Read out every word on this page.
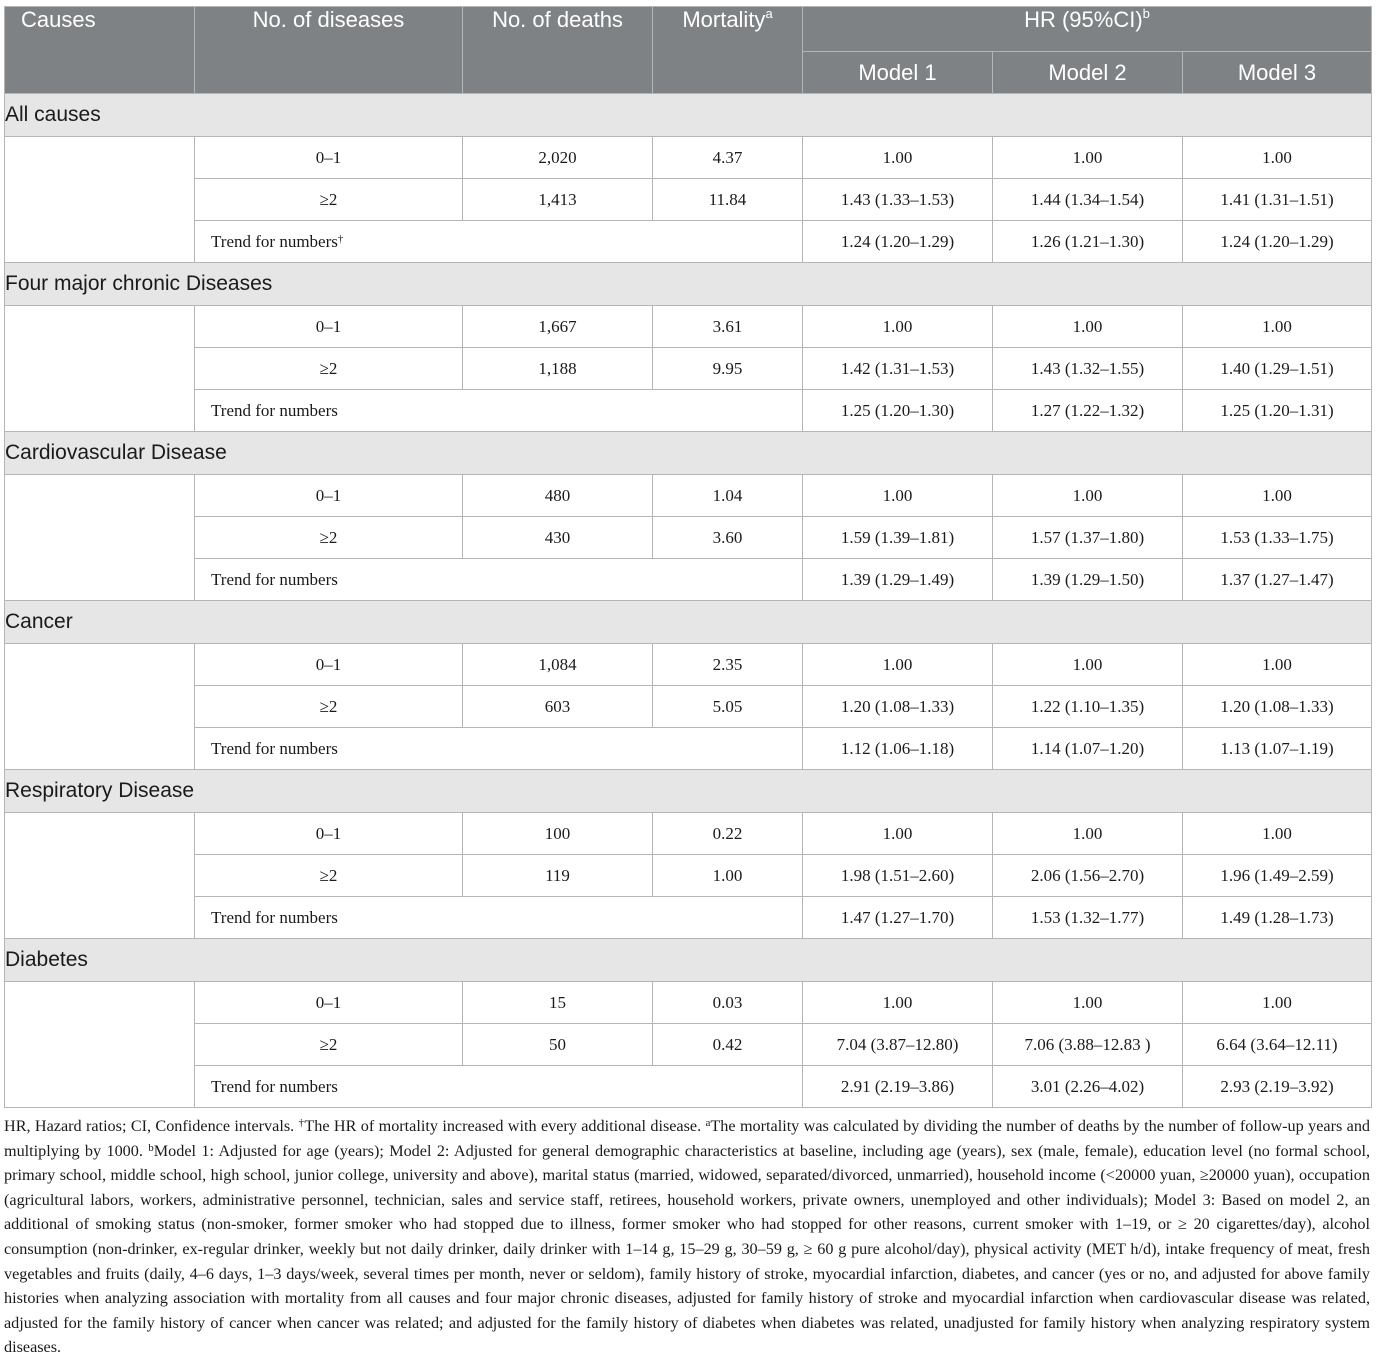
Causes	No. of diseases	No. of deaths	Mortality$^a$	HR $(95\%CI)^b$
				Model 1	Model 2	Model 3
All causes						
	0–1	2,020	4.37	1.00	1.00	1.00
	≥2	1,413	11.84	1.43 (1.33–1.53)	1.44 (1.34–1.54)	1.41 (1.31–1.51)
	Trend for numbers†			1.24 (1.20–1.29)	1.26 (1.21–1.30)	1.24 (1.20–1.29)
Four major chronic Diseases						
	0–1	1,667	3.61	1.00	1.00	1.00
	≥2	1,188	9.95	1.42 (1.31–1.53)	1.43 (1.32–1.55)	1.40 (1.29–1.51)
	Trend for numbers			1.25 (1.20–1.30)	1.27 (1.22–1.32)	1.25 (1.20–1.31)
Cardiovascular Disease						
	0–1	480	1.04	1.00	1.00	1.00
	≥2	430	3.60	1.59 (1.39–1.81)	1.57 (1.37–1.80)	1.53 (1.33–1.75)
	Trend for numbers			1.39 (1.29–1.49)	1.39 (1.29–1.50)	1.37 (1.27–1.47)
Cancer						
	0–1	1,084	2.35	1.00	1.00	1.00
	≥2	603	5.05	1.20 (1.08–1.33)	1.22 (1.10–1.35)	1.20 (1.08–1.33)
	Trend for numbers			1.12 (1.06–1.18)	1.14 (1.07–1.20)	1.13 (1.07–1.19)
Respiratory Disease						
	0–1	100	0.22	1.00	1.00	1.00
	≥2	119	1.00	1.98 (1.51–2.60)	2.06 (1.56–2.70)	1.96 (1.49–2.59)
	Trend for numbers			1.47 (1.27–1.70)	1.53 (1.32–1.77)	1.49 (1.28–1.73)
Diabetes						
	0–1	15	0.03	1.00	1.00	1.00
	≥2	50	0.42	7.04 (3.87–12.80)	7.06 (3.88–12.83 )	6.64 (3.64–12.11)
	Trend for numbers			2.91 (2.19–3.86)	3.01 (2.26–4.02)	2.93 (2.19–3.92)
HR, Hazard ratios; CI, Confidence intervals. †The HR of mortality increased with every additional disease. $^a$The mortality was calculated by dividing the number of deaths by the number of follow-up years and multiplying by 1000. $^b$Model 1: Adjusted for age (years); Model 2: Adjusted for general demographic characteristics at baseline, including age (years), sex (male, female), education level (no formal school, primary school, middle school, high school, junior college, university and above), marital status (married, widowed, separated/divorced, unmarried), household income (<20000 yuan, ≥20000 yuan), occupation (agricultural labors, workers, administrative personnel, technician, sales and service staff, retirees, household workers, private owners, unemployed and other individuals); Model 3: Based on model 2, an additional of smoking status (non-smoker, former smoker who had stopped due to illness, former smoker who had stopped for other reasons, current smoker with 1–19, or ≥ 20 cigarettes/day), alcohol consumption (non-drinker, ex-regular drinker, weekly but not daily drinker, daily drinker with 1–14 g, 15–29 g, 30–59 g, ≥ 60 g pure alcohol/day), physical activity (MET h/d), intake frequency of meat, fresh vegetables and fruits (daily, 4–6 days, 1–3 days/week, several times per month, never or seldom), family history of stroke, myocardial infarction, diabetes, and cancer (yes or no, and adjusted for above family histories when analyzing association with mortality from all causes and four major chronic diseases, adjusted for family history of stroke and myocardial infarction when cardiovascular disease was related, adjusted for the family history of cancer when cancer was related; and adjusted for the family history of diabetes when diabetes was related, unadjusted for family history when analyzing respiratory system diseases.
